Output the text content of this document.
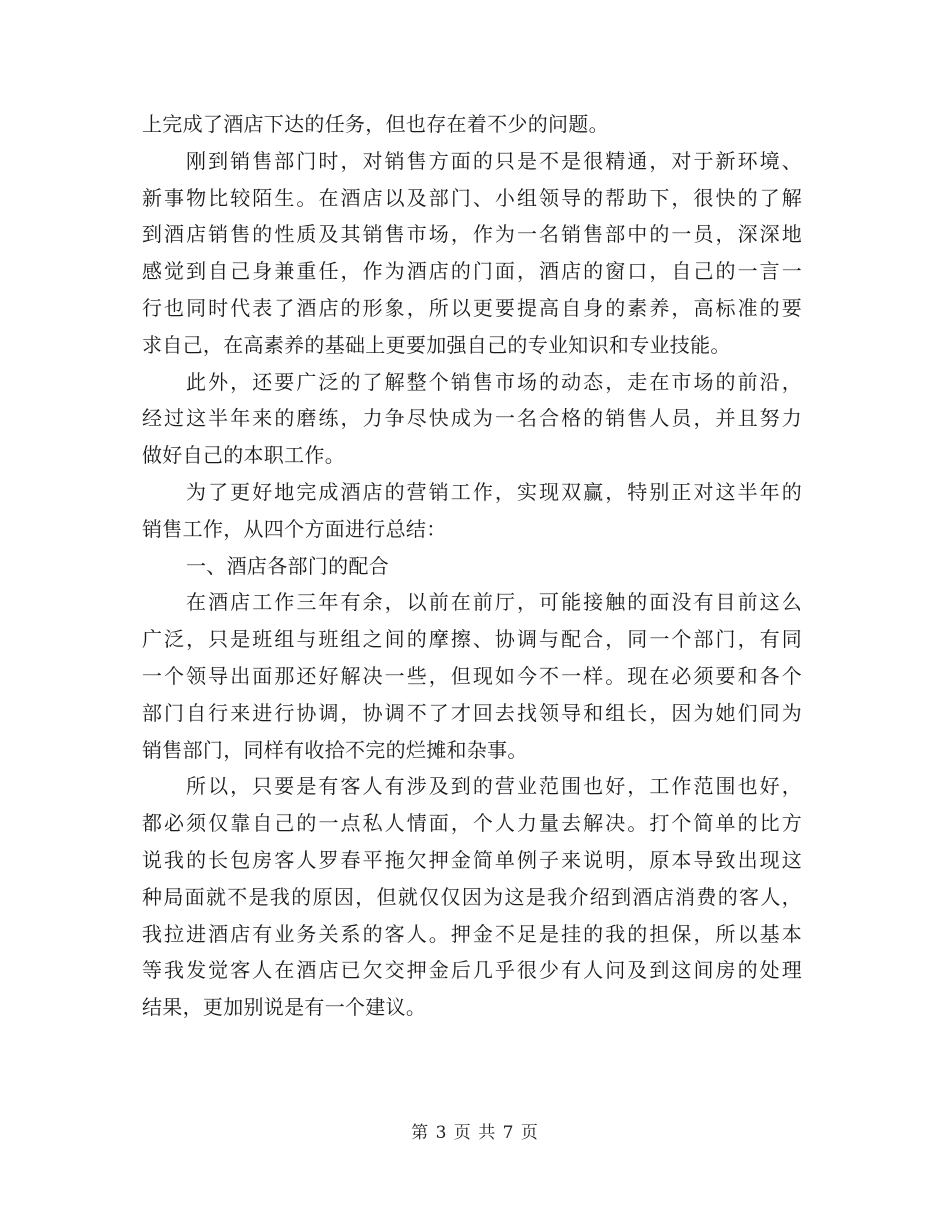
上完成了酒店下达的任务，但也存在着不少的问题。
刚到销售部门时，对销售方面的只是不是很精通，对于新环境、
新事物比较陌生。在酒店以及部门、小组领导的帮助下，很快的了解
到酒店销售的性质及其销售市场，作为一名销售部中的一员，深深地
感觉到自己身兼重任，作为酒店的门面，酒店的窗口，自己的一言一
行也同时代表了酒店的形象，所以更要提高自身的素养，高标准的要
求自己，在高素养的基础上更要加强自己的专业知识和专业技能。
此外，还要广泛的了解整个销售市场的动态，走在市场的前沿，
经过这半年来的磨练，力争尽快成为一名合格的销售人员，并且努力
做好自己的本职工作。
为了更好地完成酒店的营销工作，实现双赢，特别正对这半年的
销售工作，从四个方面进行总结：
一、酒店各部门的配合
在酒店工作三年有余，以前在前厅，可能接触的面没有目前这么
广泛，只是班组与班组之间的摩擦、协调与配合，同一个部门，有同
一个领导出面那还好解决一些，但现如今不一样。现在必须要和各个
部门自行来进行协调，协调不了才回去找领导和组长，因为她们同为
销售部门，同样有收拾不完的烂摊和杂事。
所以，只要是有客人有涉及到的营业范围也好，工作范围也好，
都必须仅靠自己的一点私人情面，个人力量去解决。打个简单的比方
说我的长包房客人罗春平拖欠押金简单例子来说明，原本导致出现这
种局面就不是我的原因，但就仅仅因为这是我介绍到酒店消费的客人，
我拉进酒店有业务关系的客人。押金不足是挂的我的担保，所以基本
等我发觉客人在酒店已欠交押金后几乎很少有人问及到这间房的处理
结果，更加别说是有一个建议。
第 3 页 共 7 页
